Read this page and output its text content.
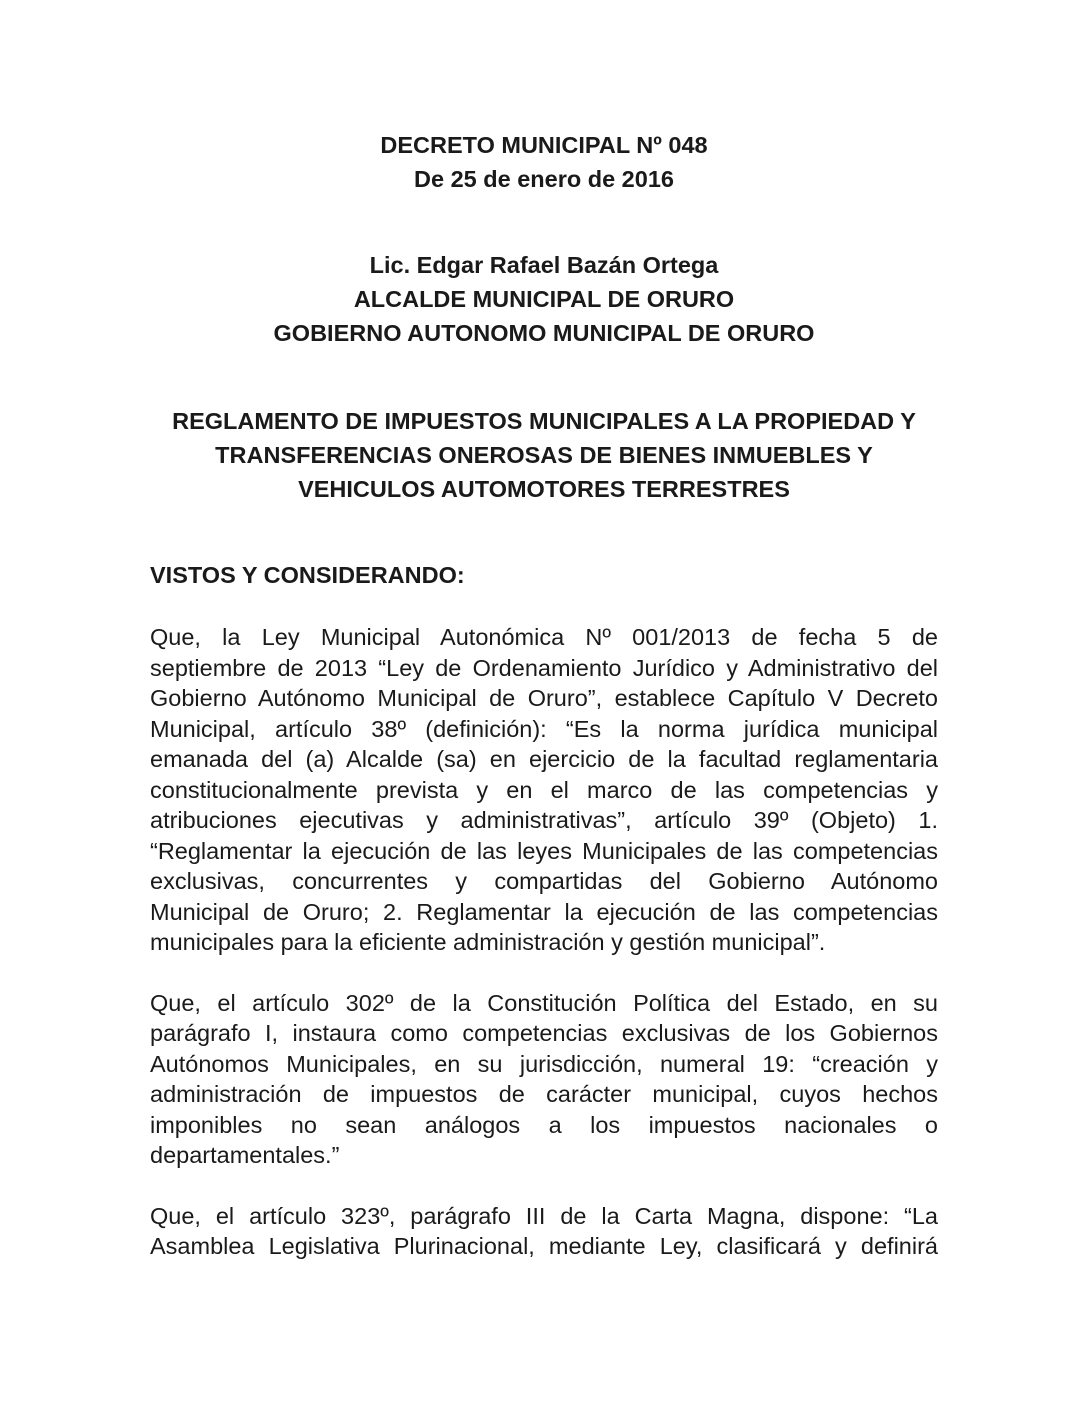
DECRETO MUNICIPAL Nº 048
De 25 de enero de 2016
Lic. Edgar Rafael Bazán Ortega
ALCALDE MUNICIPAL DE ORURO
GOBIERNO AUTONOMO MUNICIPAL DE ORURO
REGLAMENTO DE IMPUESTOS MUNICIPALES A LA PROPIEDAD Y
TRANSFERENCIAS ONEROSAS DE BIENES INMUEBLES Y
VEHICULOS AUTOMOTORES TERRESTRES
VISTOS Y CONSIDERANDO:
Que, la Ley Municipal Autonómica Nº 001/2013 de fecha 5 de
septiembre de 2013 “Ley de Ordenamiento Jurídico y Administrativo del
Gobierno Autónomo Municipal de Oruro”, establece Capítulo V Decreto
Municipal, artículo 38º (definición): “Es la norma jurídica municipal
emanada del (a) Alcalde (sa) en ejercicio de la facultad reglamentaria
constitucionalmente prevista y en el marco de las competencias y
atribuciones ejecutivas y administrativas”, artículo 39º (Objeto) 1.
“Reglamentar la ejecución de las leyes Municipales de las competencias
exclusivas, concurrentes y compartidas del Gobierno Autónomo
Municipal de Oruro; 2. Reglamentar la ejecución de las competencias
municipales para la eficiente administración y gestión municipal”.
Que, el artículo 302º de la Constitución Política del Estado, en su
parágrafo I, instaura como competencias exclusivas de los Gobiernos
Autónomos Municipales, en su jurisdicción, numeral 19: “creación y
administración de impuestos de carácter municipal, cuyos hechos
imponibles no sean análogos a los impuestos nacionales o
departamentales.”
Que, el artículo 323º, parágrafo III de la Carta Magna, dispone: “La
Asamblea Legislativa Plurinacional, mediante Ley, clasificará y definirá
